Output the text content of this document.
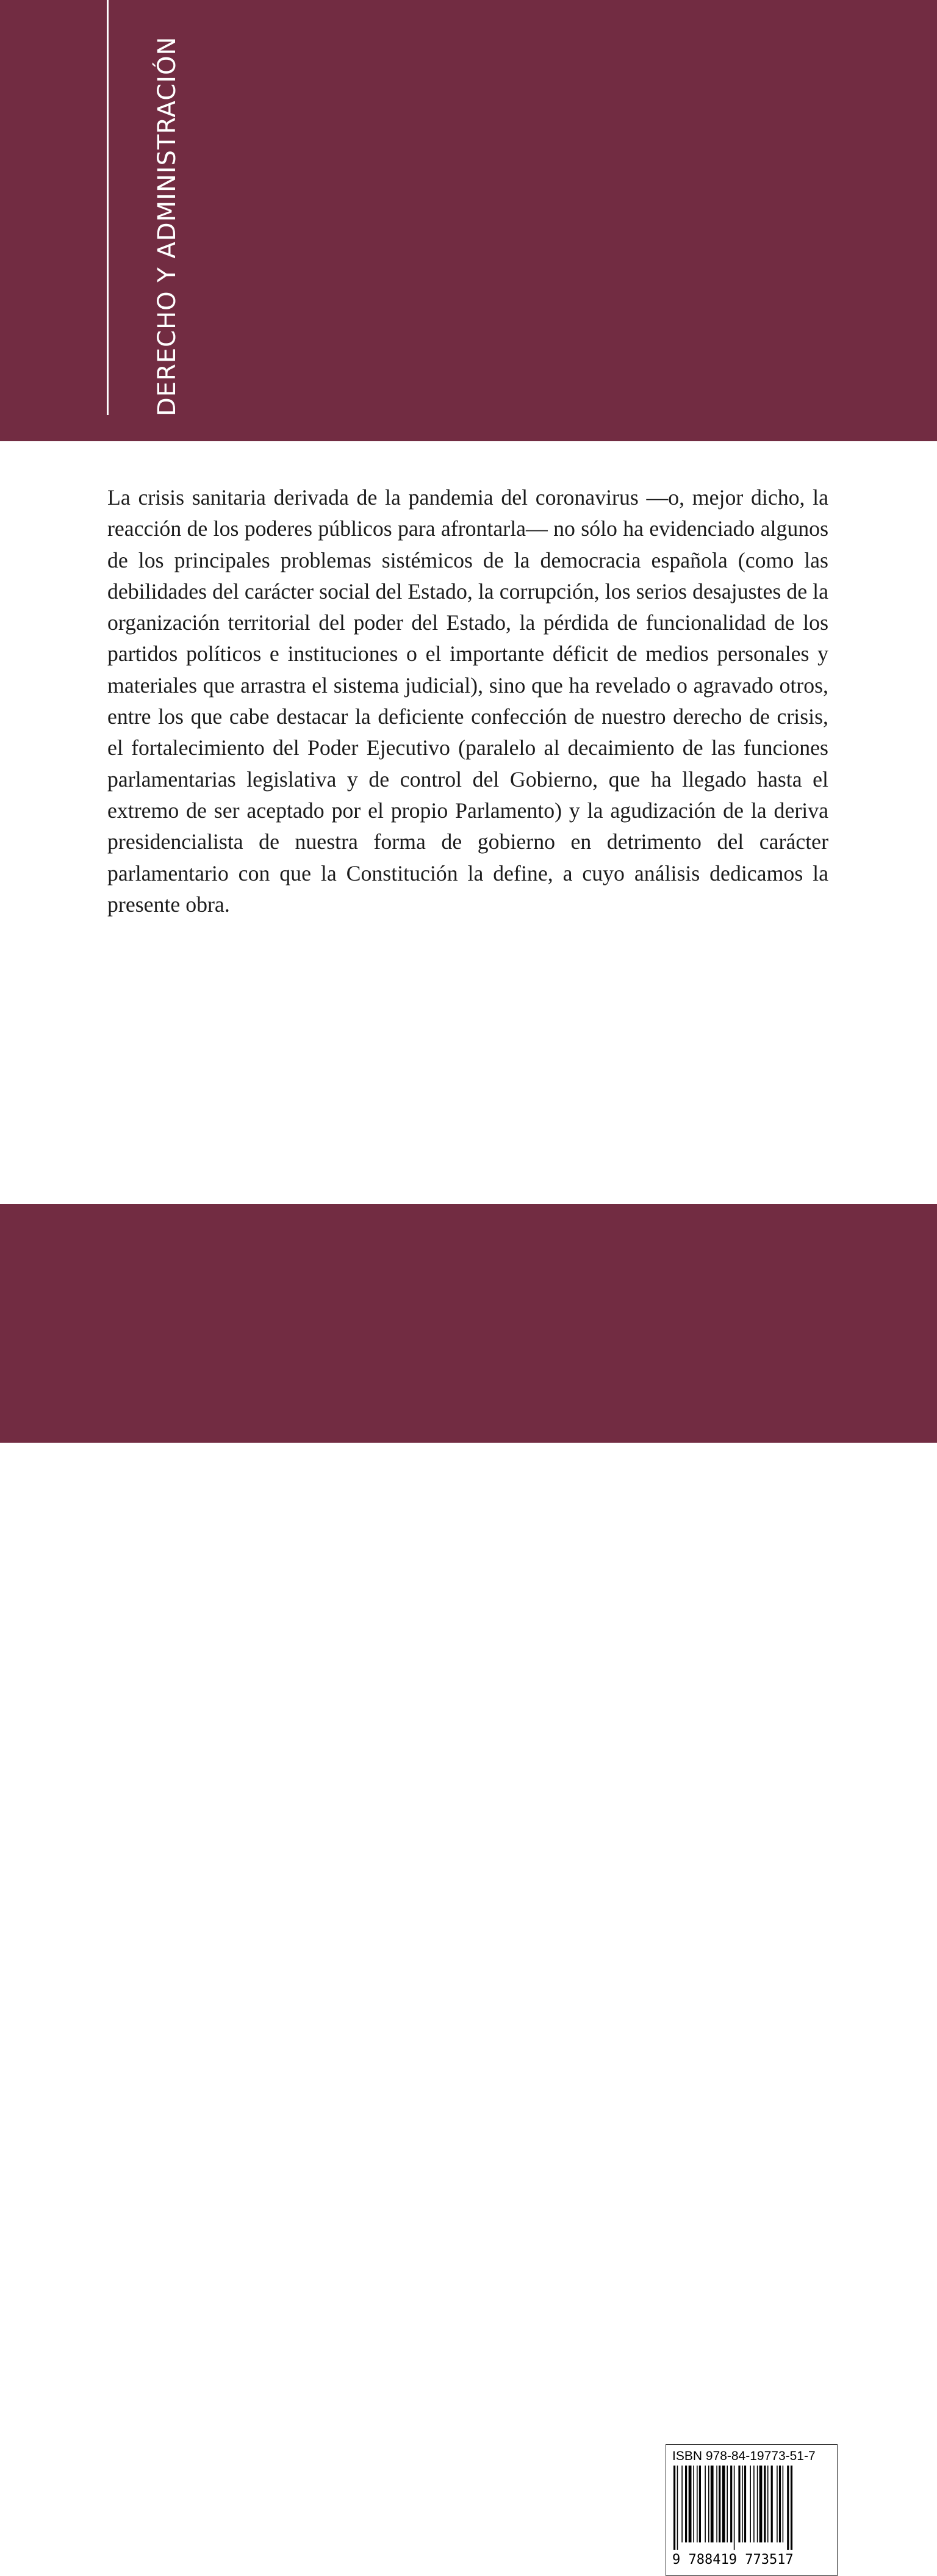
DERECHO Y ADMINISTRACIÓN

La crisis sanitaria derivada de la pandemia del coronavirus —o, mejor dicho, la reacción de los poderes públicos para afrontarla— no sólo ha evidenciado algunos de los principales problemas sistémicos de la democracia española (como las debilidades del carácter social del Estado, la corrupción, los serios desajustes de la organización territorial del poder del Estado, la pérdida de funcionalidad de los partidos políticos e instituciones o el importante déficit de medios personales y materiales que arrastra el sistema judicial), sino que ha revelado o agravado otros, entre los que cabe destacar la deficiente confección de nuestro derecho de crisis, el fortalecimiento del Poder Ejecutivo (paralelo al decaimiento de las funciones parlamentarias legislativa y de control del Gobierno, que ha llegado hasta el extremo de ser aceptado por el propio Parlamento) y la agudización de la deriva presidencialista de nuestra forma de gobierno en detrimento del carácter parlamentario con que la Constitución la define, a cuyo análisis dedicamos la presente obra.

Atelier
LIBROS JURÍDICOS
ISBN 978-84-19773-51-7
9 788419 773517
